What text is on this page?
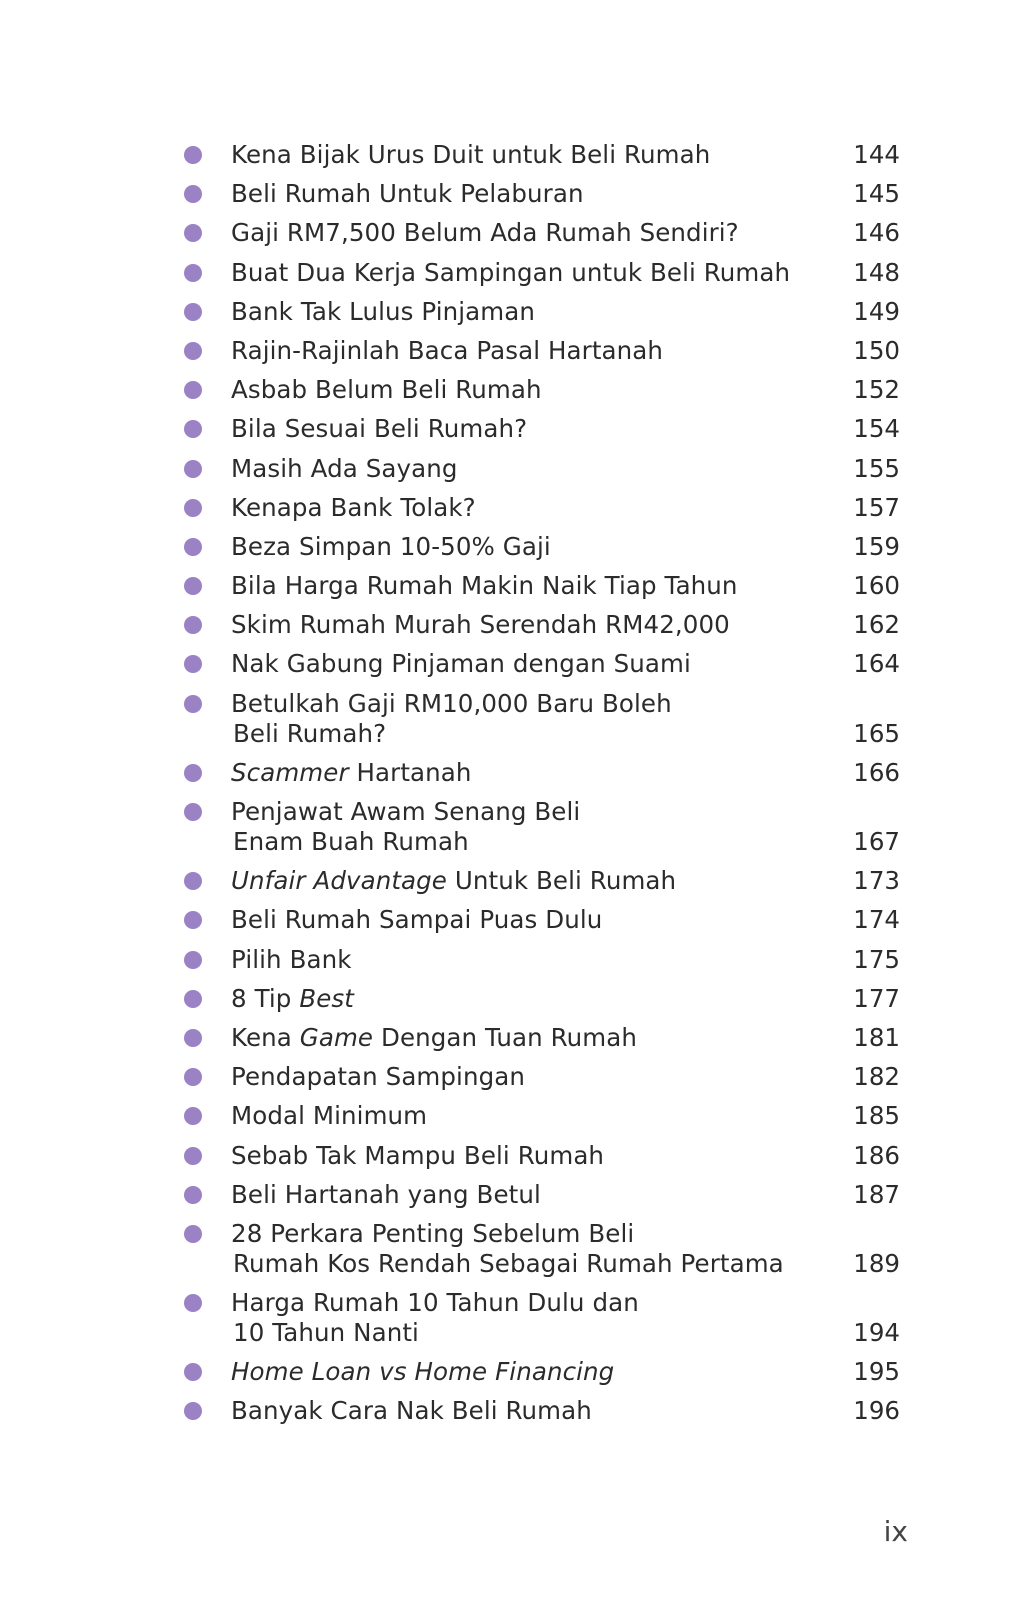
Kena Bijak Urus Duit untuk Beli Rumah	144
Beli Rumah Untuk Pelaburan	145
Gaji RM7,500 Belum Ada Rumah Sendiri?	146
Buat Dua Kerja Sampingan untuk Beli Rumah	148
Bank Tak Lulus Pinjaman	149
Rajin-Rajinlah Baca Pasal Hartanah	150
Asbab Belum Beli Rumah	152
Bila Sesuai Beli Rumah?	154
Masih Ada Sayang	155
Kenapa Bank Tolak?	157
Beza Simpan 10-50% Gaji	159
Bila Harga Rumah Makin Naik Tiap Tahun	160
Skim Rumah Murah Serendah RM42,000	162
Nak Gabung Pinjaman dengan Suami	164
Betulkah Gaji RM10,000 Baru Boleh
Beli Rumah?	165
Scammer Hartanah	166
Penjawat Awam Senang Beli
Enam Buah Rumah	167
Unfair Advantage Untuk Beli Rumah	173
Beli Rumah Sampai Puas Dulu	174
Pilih Bank	175
8 Tip Best	177
Kena Game Dengan Tuan Rumah	181
Pendapatan Sampingan	182
Modal Minimum	185
Sebab Tak Mampu Beli Rumah	186
Beli Hartanah yang Betul	187
28 Perkara Penting Sebelum Beli
Rumah Kos Rendah Sebagai Rumah Pertama	189
Harga Rumah 10 Tahun Dulu dan
10 Tahun Nanti	194
Home Loan vs Home Financing	195
Banyak Cara Nak Beli Rumah	196
ix
